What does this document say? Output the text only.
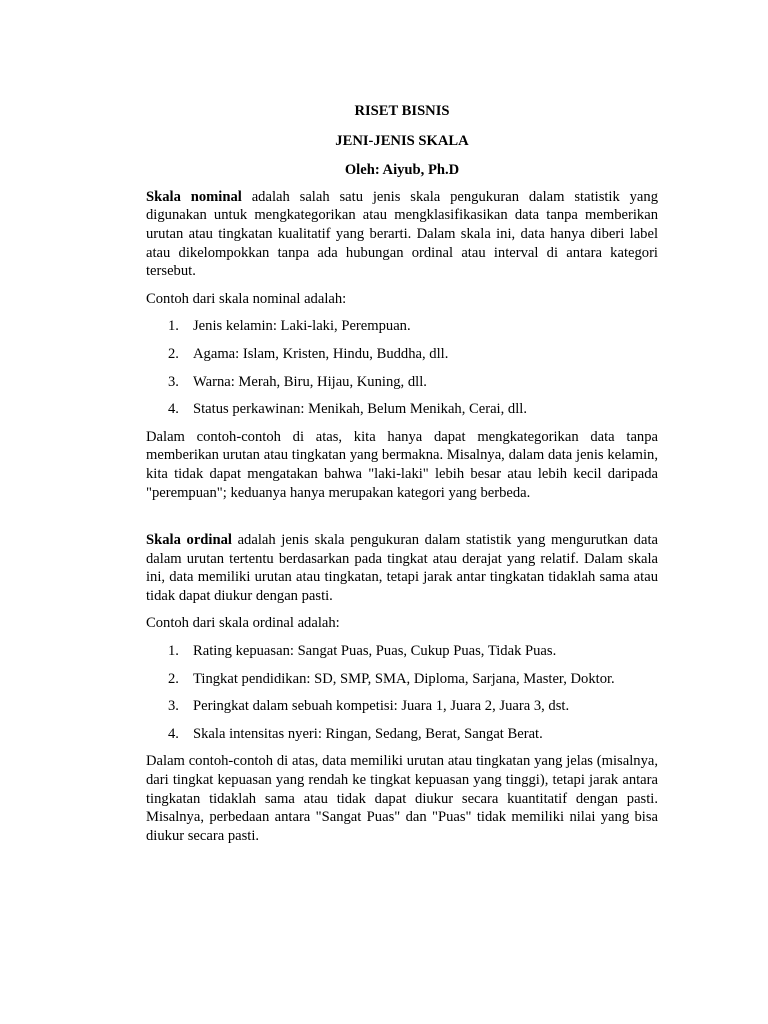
RISET BISNIS
JENI-JENIS SKALA
Oleh: Aiyub, Ph.D

Skala nominal adalah salah satu jenis skala pengukuran dalam statistik yang digunakan untuk mengkategorikan atau mengklasifikasikan data tanpa memberikan urutan atau tingkatan kualitatif yang berarti. Dalam skala ini, data hanya diberi label atau dikelompokkan tanpa ada hubungan ordinal atau interval di antara kategori tersebut.

Contoh dari skala nominal adalah:

1. Jenis kelamin: Laki-laki, Perempuan.
2. Agama: Islam, Kristen, Hindu, Buddha, dll.
3. Warna: Merah, Biru, Hijau, Kuning, dll.
4. Status perkawinan: Menikah, Belum Menikah, Cerai, dll.

Dalam contoh-contoh di atas, kita hanya dapat mengkategorikan data tanpa memberikan urutan atau tingkatan yang bermakna. Misalnya, dalam data jenis kelamin, kita tidak dapat mengatakan bahwa "laki-laki" lebih besar atau lebih kecil daripada "perempuan"; keduanya hanya merupakan kategori yang berbeda.

Skala ordinal adalah jenis skala pengukuran dalam statistik yang mengurutkan data dalam urutan tertentu berdasarkan pada tingkat atau derajat yang relatif. Dalam skala ini, data memiliki urutan atau tingkatan, tetapi jarak antar tingkatan tidaklah sama atau tidak dapat diukur dengan pasti.

Contoh dari skala ordinal adalah:

1. Rating kepuasan: Sangat Puas, Puas, Cukup Puas, Tidak Puas.
2. Tingkat pendidikan: SD, SMP, SMA, Diploma, Sarjana, Master, Doktor.
3. Peringkat dalam sebuah kompetisi: Juara 1, Juara 2, Juara 3, dst.
4. Skala intensitas nyeri: Ringan, Sedang, Berat, Sangat Berat.

Dalam contoh-contoh di atas, data memiliki urutan atau tingkatan yang jelas (misalnya, dari tingkat kepuasan yang rendah ke tingkat kepuasan yang tinggi), tetapi jarak antara tingkatan tidaklah sama atau tidak dapat diukur secara kuantitatif dengan pasti. Misalnya, perbedaan antara "Sangat Puas" dan "Puas" tidak memiliki nilai yang bisa diukur secara pasti.
